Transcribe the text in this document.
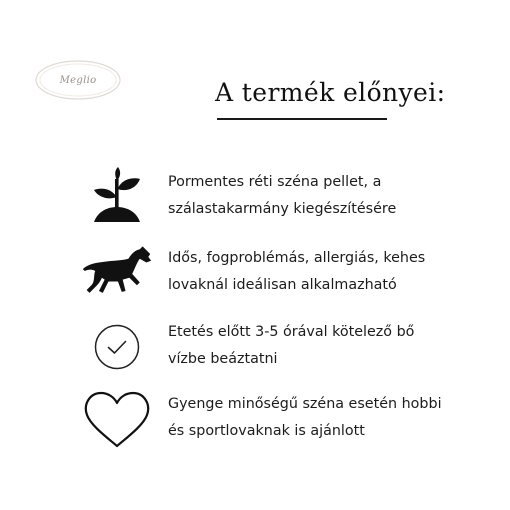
Meglio	A termék előnyei:
Pormentes réti széna pellet, a
szálastakarmány kiegészítésére
Idős, fogproblémás, allergiás, kehes
lovaknál ideálisan alkalmazható
Etetés előtt 3-5 órával kötelező bő
vízbe beáztatni
Gyenge minőségű széna esetén hobbi
és sportlovaknak is ajánlott
